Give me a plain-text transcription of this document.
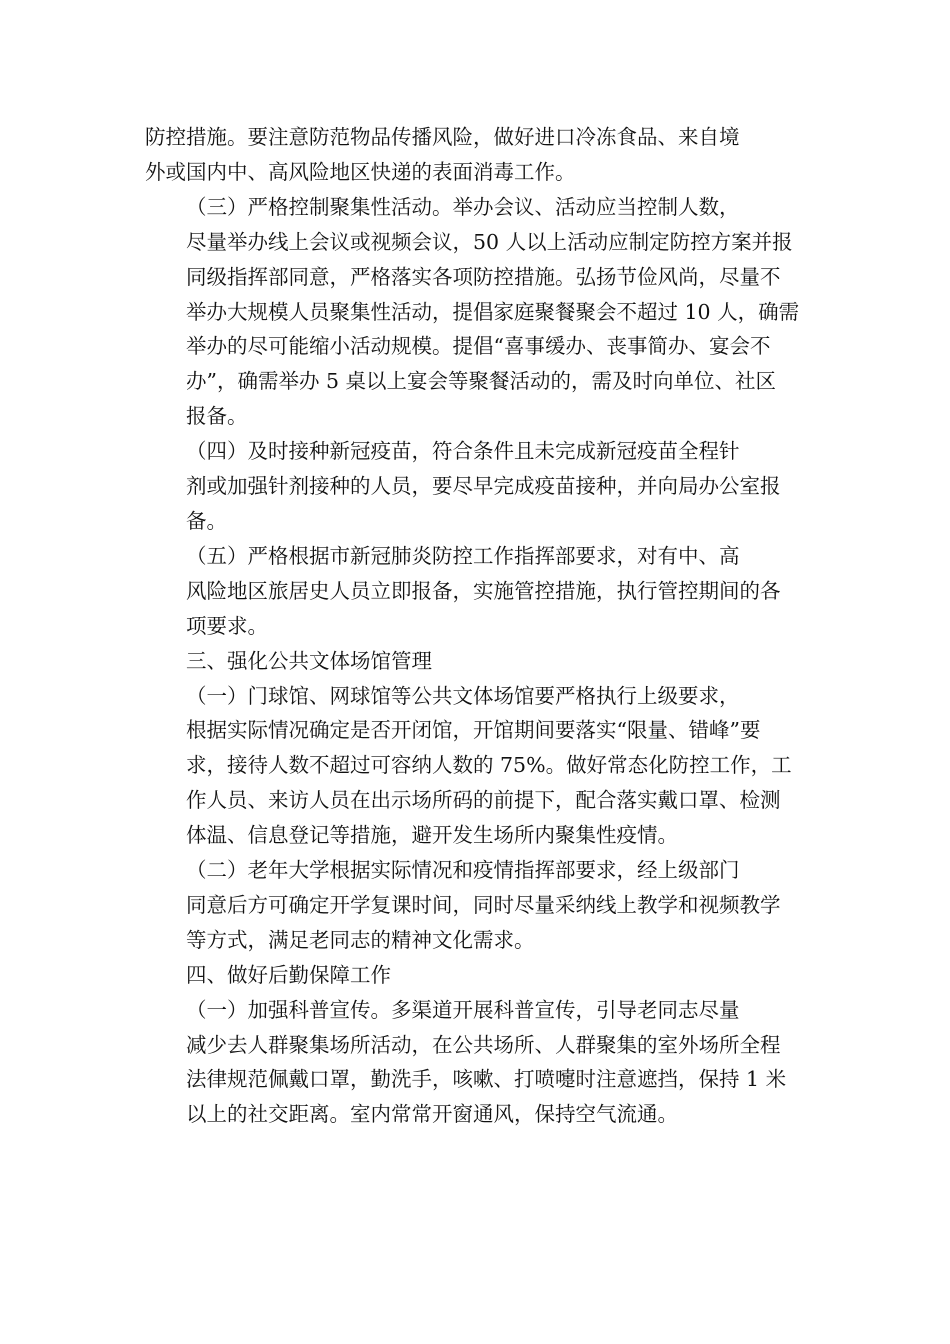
防控措施。要注意防范物品传播风险，做好进口冷冻食品、来自境
外或国内中、高风险地区快递的表面消毒工作。
（三）严格控制聚集性活动。举办会议、活动应当控制人数，
尽量举办线上会议或视频会议，50 人以上活动应制定防控方案并报
同级指挥部同意，严格落实各项防控措施。弘扬节俭风尚，尽量不
举办大规模人员聚集性活动，提倡家庭聚餐聚会不超过 10 人，确需
举办的尽可能缩小活动规模。提倡“喜事缓办、丧事简办、宴会不
办”，确需举办 5 桌以上宴会等聚餐活动的，需及时向单位、社区
报备。
（四）及时接种新冠疫苗，符合条件且未完成新冠疫苗全程针
剂或加强针剂接种的人员，要尽早完成疫苗接种，并向局办公室报
备。
（五）严格根据市新冠肺炎防控工作指挥部要求，对有中、高
风险地区旅居史人员立即报备，实施管控措施，执行管控期间的各
项要求。
三、强化公共文体场馆管理
（一）门球馆、网球馆等公共文体场馆要严格执行上级要求，
根据实际情况确定是否开闭馆，开馆期间要落实“限量、错峰”要
求，接待人数不超过可容纳人数的 75%。做好常态化防控工作，工
作人员、来访人员在出示场所码的前提下，配合落实戴口罩、检测
体温、信息登记等措施，避开发生场所内聚集性疫情。
（二）老年大学根据实际情况和疫情指挥部要求，经上级部门
同意后方可确定开学复课时间，同时尽量采纳线上教学和视频教学
等方式，满足老同志的精神文化需求。
四、做好后勤保障工作
（一）加强科普宣传。多渠道开展科普宣传，引导老同志尽量
减少去人群聚集场所活动，在公共场所、人群聚集的室外场所全程
法律规范佩戴口罩，勤洗手，咳嗽、打喷嚏时注意遮挡，保持 1 米
以上的社交距离。室内常常开窗通风，保持空气流通。
